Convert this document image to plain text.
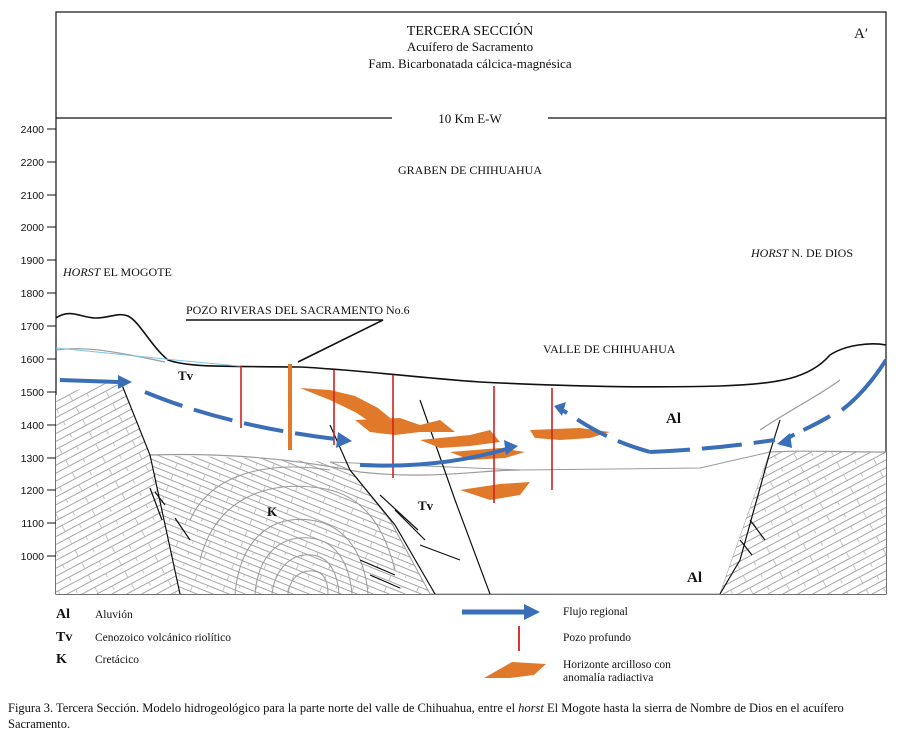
TERCERA SECCIÓN
Acuífero de Sacramento
Fam. Bicarbonatada cálcica-magnésica
A′
10 Km E-W
2400
2200
2100
2000
1900
1800
1700
1600
1500
1400
1300
1200
1100
1000
GRABEN DE CHIHUAHUA
HORST EL MOGOTE
HORST N. DE DIOS
POZO RIVERAS DEL SACRAMENTO No.6
VALLE DE CHIHUAHUA
Tv
Tv
K
Al
Al
Al Aluvión
Tv Cenozoico volcánico riolítico
K Cretácico
Flujo regional
Pozo profundo
Horizonte arcilloso con anomalía radiactiva
Figura 3. Tercera Sección. Modelo hidrogeológico para la parte norte del valle de Chihuahua, entre el horst El Mogote hasta la sierra de Nombre de Dios en el acuífero Sacramento.
